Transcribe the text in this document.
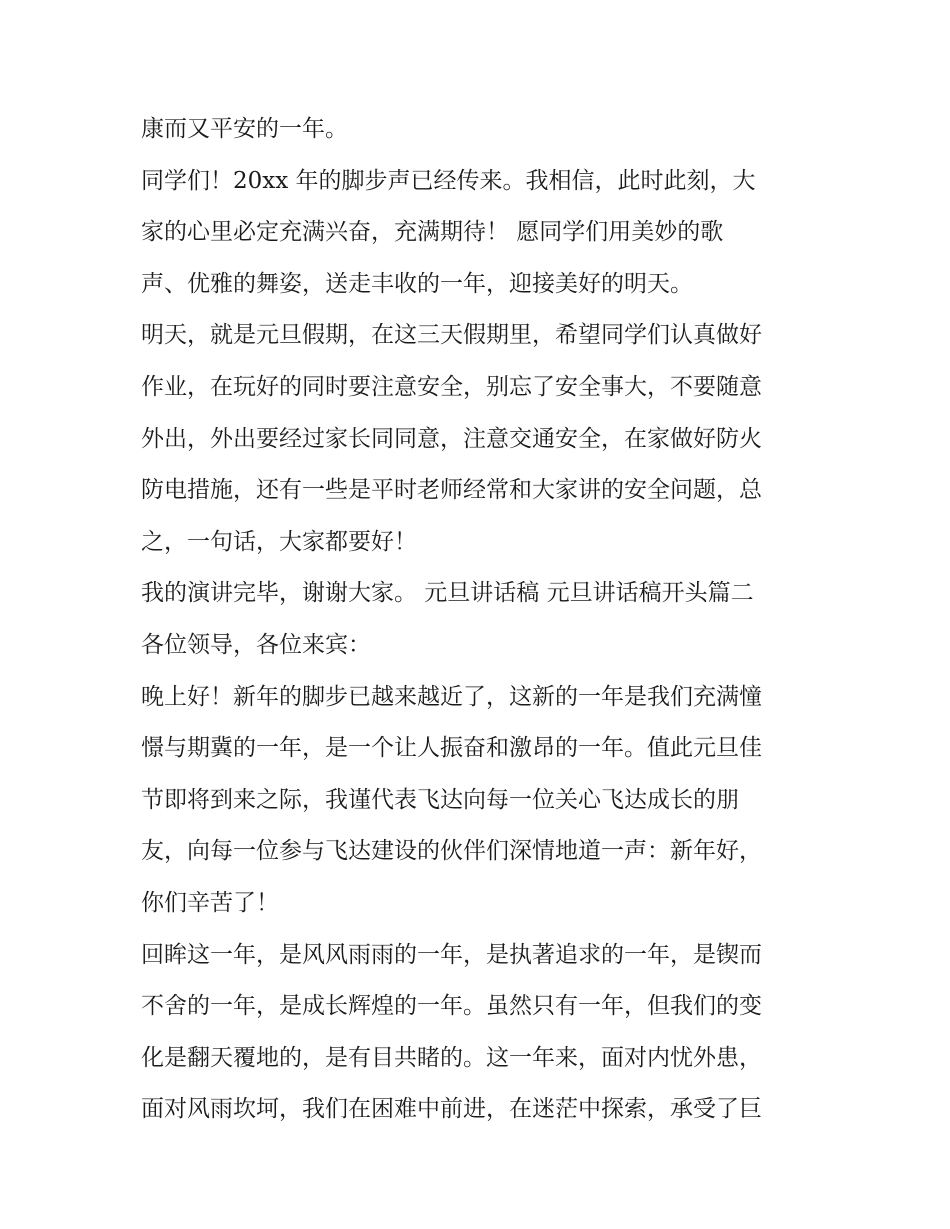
康而又平安的一年。
同学们！20xx 年的脚步声已经传来。我相信，此时此刻，大
家的心里必定充满兴奋，充满期待！ 愿同学们用美妙的歌
声、优雅的舞姿，送走丰收的一年，迎接美好的明天。
明天，就是元旦假期，在这三天假期里，希望同学们认真做好
作业，在玩好的同时要注意安全，别忘了安全事大，不要随意
外出，外出要经过家长同同意，注意交通安全，在家做好防火
防电措施，还有一些是平时老师经常和大家讲的安全问题，总
之，一句话，大家都要好！
我的演讲完毕，谢谢大家。 元旦讲话稿 元旦讲话稿开头篇二
各位领导，各位来宾：
晚上好！新年的脚步已越来越近了，这新的一年是我们充满憧
憬与期冀的一年，是一个让人振奋和激昂的一年。值此元旦佳
节即将到来之际，我谨代表飞达向每一位关心飞达成长的朋
友，向每一位参与飞达建设的伙伴们深情地道一声：新年好，
你们辛苦了！
回眸这一年，是风风雨雨的一年，是执著追求的一年，是锲而
不舍的一年，是成长辉煌的一年。虽然只有一年，但我们的变
化是翻天覆地的，是有目共睹的。这一年来，面对内忧外患，
面对风雨坎坷，我们在困难中前进，在迷茫中探索，承受了巨
